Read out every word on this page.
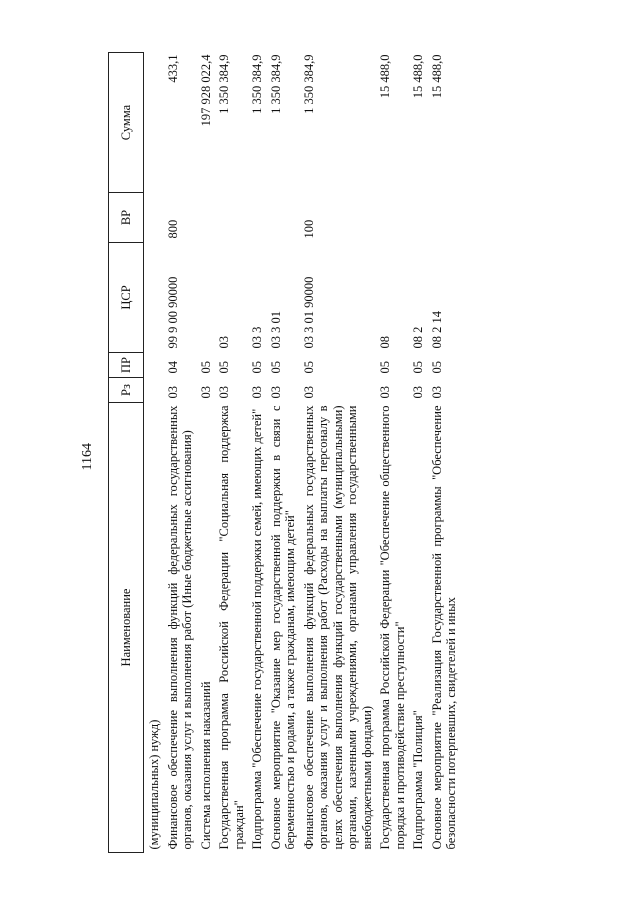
1164
Наименование	Рз	ПР	ЦСР	ВР	Сумма
(муниципальных) нужд)					
Финансовое обеспечение выполнения функций федеральных государственных органов, оказания услуг и выполнения работ (Иные бюджетные ассигнования)	03	04	99 9 00 90000	800	433,1
Система исполнения наказаний	03	05			197 928 022,4
Государственная программа Российской Федерации "Социальная поддержка граждан"	03	05	03		1 350 384,9
Подпрограмма "Обеспечение государственной поддержки семей, имеющих детей"	03	05	03 3		1 350 384,9
Основное мероприятие "Оказание мер государственной поддержки в связи с беременностью и родами, а также гражданам, имеющим детей"	03	05	03 3 01		1 350 384,9
Финансовое обеспечение выполнения функций федеральных государственных органов, оказания услуг и выполнения работ (Расходы на выплаты персоналу в целях обеспечения выполнения функций государственными (муниципальными) органами, казенными учреждениями, органами управления государственными внебюджетными фондами)	03	05	03 3 01 90000	100	1 350 384,9
Государственная программа Российской Федерации "Обеспечение общественного порядка и противодействие преступности"	03	05	08		15 488,0
Подпрограмма "Полиция"	03	05	08 2		15 488,0
Основное мероприятие "Реализация Государственной программы "Обеспечение безопасности потерпевших, свидетелей и иных	03	05	08 2 14		15 488,0
